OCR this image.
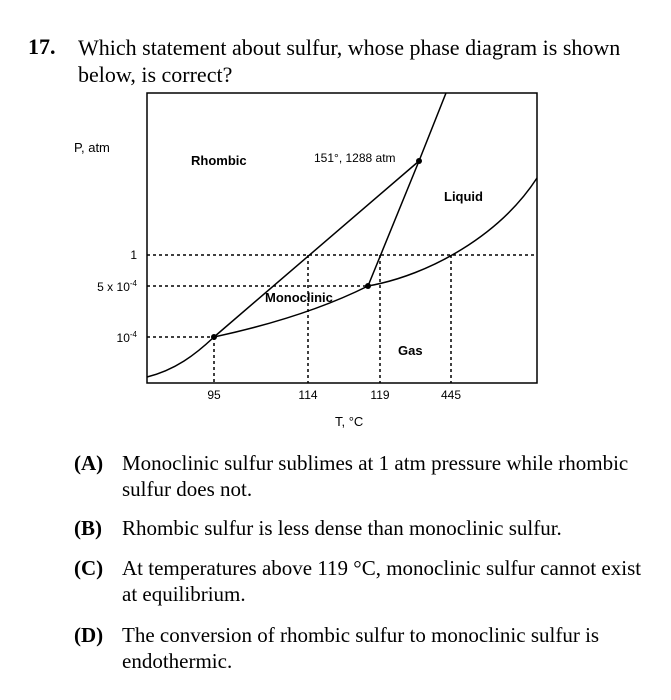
17. Which statement about sulfur, whose phase diagram is shown below, is correct?
P, atm
T, °C
1
5 x $10^{-4}$
$10^{-4}$
95	114	119	445
Rhombic
Monoclinic
Liquid
Gas
151°, 1288 atm
(A) Monoclinic sulfur sublimes at 1 atm pressure while rhombic sulfur does not.
(B) Rhombic sulfur is less dense than monoclinic sulfur.
(C) At temperatures above 119 °C, monoclinic sulfur cannot exist at equilibrium.
(D) The conversion of rhombic sulfur to monoclinic sulfur is endothermic.
